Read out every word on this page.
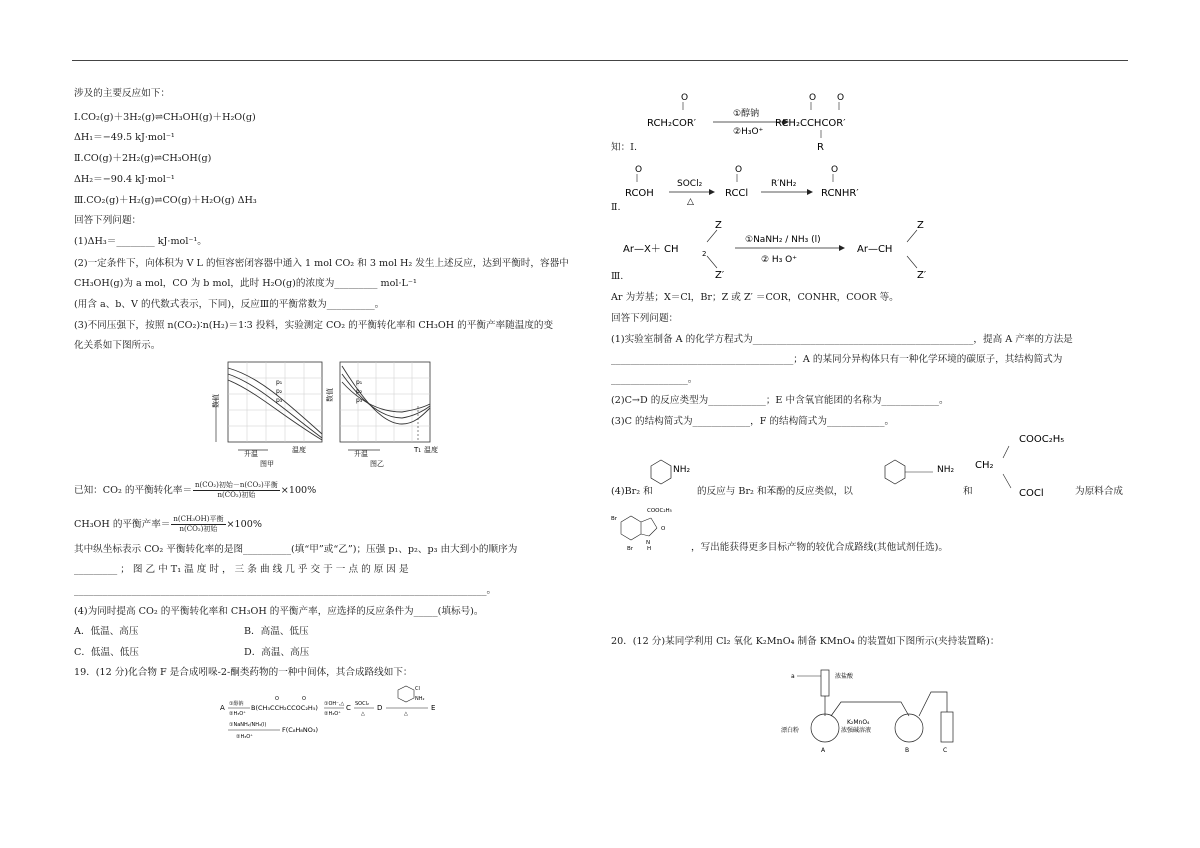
涉及的主要反应如下：
Ⅰ.CO₂(g)＋3H₂(g)⇌CH₃OH(g)＋H₂O(g)
ΔH₁＝−49.5 kJ·mol⁻¹
Ⅱ.CO(g)＋2H₂(g)⇌CH₃OH(g)
ΔH₂＝−90.4 kJ·mol⁻¹
Ⅲ.CO₂(g)＋H₂(g)⇌CO(g)＋H₂O(g) ΔH₃
回答下列问题：
(1)ΔH₃＝________ kJ·mol⁻¹。
(2)一定条件下，向体积为 V L 的恒容密闭容器中通入 1 mol CO₂ 和 3 mol H₂ 发生上述反应，达到平衡时，容器中
CH₃OH(g)为 a mol，CO 为 b mol，此时 H₂O(g)的浓度为_________ mol·L⁻¹
(用含 a、b、V 的代数式表示，下同)，反应Ⅲ的平衡常数为__________。
(3)不同压强下，按照 n(CO₂)∶n(H₂)＝1∶3 投料，实验测定 CO₂ 的平衡转化率和 CH₃OH 的平衡产率随温度的变
化关系如下图所示。
p₁
p₂
p₃
数值
升温	温度
图甲
p₁
p₂
p₃
数值
升温	T₁ 温度
图乙
已知：CO₂ 的平衡转化率＝ $\frac{\text{n(CO₂)初始－n(CO₂)平衡}}{\text{n(CO₂)初始}} \times 100\%$
CH₃OH 的平衡产率＝ $\frac{\text{n(CH₃OH)平衡}}{\text{n(CO₂)初始}} \times 100\%$
其中纵坐标表示 CO₂ 平衡转化率的是图__________(填“甲”或“乙”)；压强 p₁、p₂、p₃ 由大到小的顺序为
_________ ； 图 乙 中 T₁ 温 度 时 ， 三 条 曲 线 几 乎 交 于 一 点 的 原 因 是
______________________________________________________________________________________。
(4)为同时提高 CO₂ 的平衡转化率和 CH₃OH 的平衡产率，应选择的反应条件为_____(填标号)。
A．低温、高压	B．高温、低压
C．低温、低压	D．高温、高压
19．(12 分)化合物 F 是合成吲哚-2-酮类药物的一种中间体，其合成路线如下：
A ①醇钠
②H₃O⁺
B(CH₃CCH₂CCOC₂H₅)
O	O
①OH⁻,△
②H₃O⁺
C SOCl₂
△
D
Cl
NH₂
△
E
①NaNH₂/NH₃(l)
②H₃O⁺
F(C₈H₈NO₃)
O
RCH₂COR′
①醇钠
②H₃O⁺
O O
RCH₂CCHCOR′
R
知：Ⅰ.
O
RCOH
SOCl₂
△
O
RCCl
R′NH₂
O
RCNHR′
Ⅱ.
Ar—X＋ CH	2
Z
Z′
①NaNH₂ / NH₃ (l)
② H₃ O⁺
Ar—CH
Z
Z′
Ⅲ.
Ar 为芳基；X＝Cl，Br；Z 或 Z′ ＝COR，CONHR，COOR 等。
回答下列问题：
(1)实验室制备 A 的化学方程式为______________________________________________，提高 A 产率的方法是
______________________________________；A 的某同分异构体只有一种化学环境的碳原子，其结构简式为
________________。
(2)C→D 的反应类型为____________；E 中含氧官能团的名称为____________。
(3)C 的结构简式为____________，F 的结构简式为____________。
NH₂	NH₂
COOC₂H₅
CH₂
COCl
(4)Br₂ 和	的反应与 Br₂ 和苯酚的反应类似，以	和	为原料合成
COOC₂H₅
Br
Br
O
N
H	，写出能获得更多目标产物的较优合成路线(其他试剂任选)。
20．(12 分)某同学利用 Cl₂ 氧化 K₂MnO₄ 制备 KMnO₄ 的装置如下图所示(夹持装置略)：
a	浓盐酸
漂白粉
A
K₂MnO₄
浓强碱溶液
B	C
